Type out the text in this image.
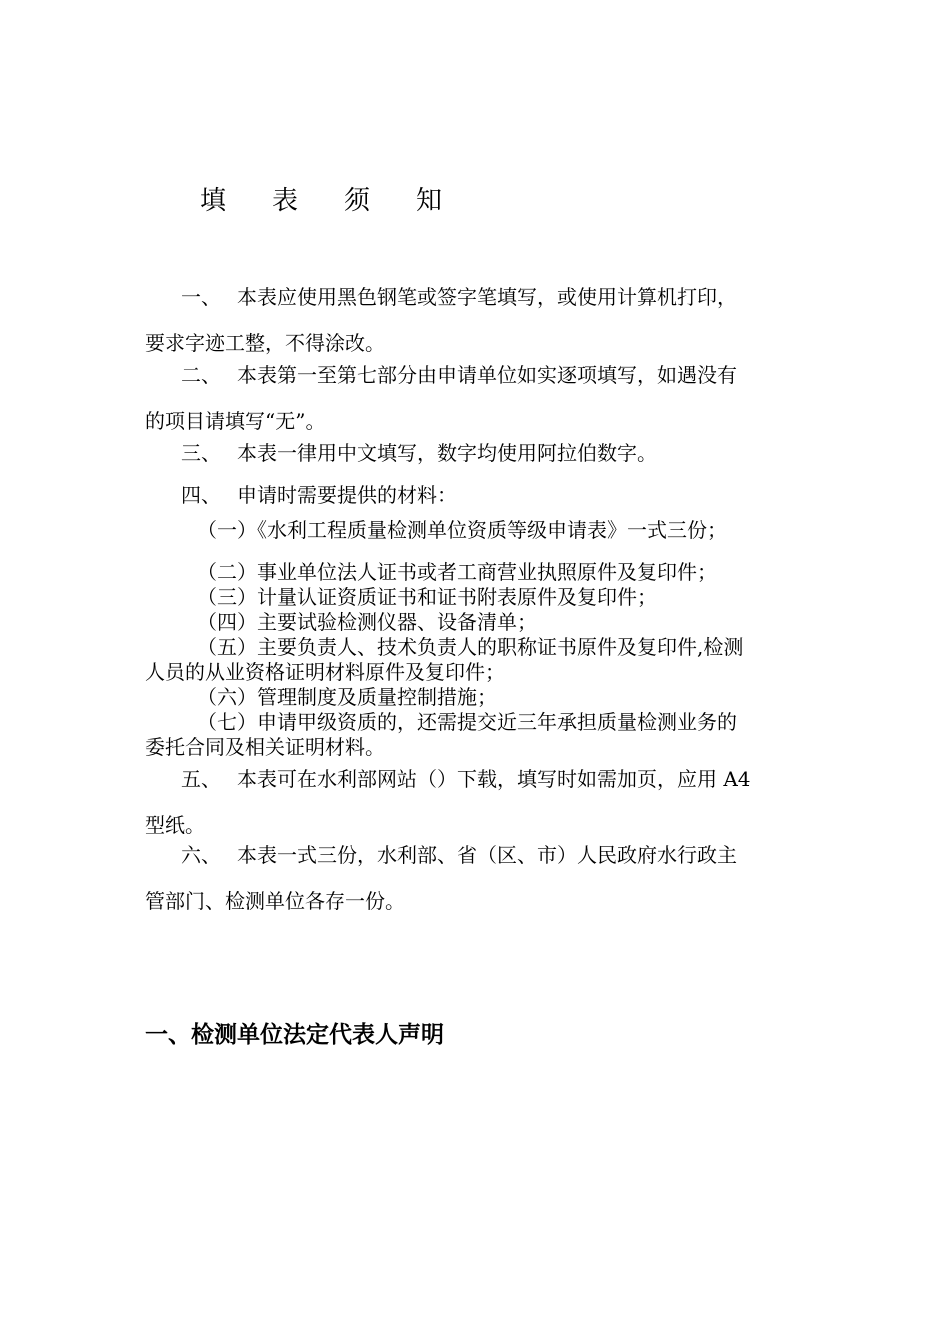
填 表 须 知
一、 本表应使用黑色钢笔或签字笔填写，或使用计算机打印，
要求字迹工整，不得涂改。
二、 本表第一至第七部分由申请单位如实逐项填写，如遇没有
的项目请填写“无”。
三、 本表一律用中文填写，数字均使用阿拉伯数字。
四、 申请时需要提供的材料：
（一）《水利工程质量检测单位资质等级申请表》一式三份；
（二）事业单位法人证书或者工商营业执照原件及复印件；
（三）计量认证资质证书和证书附表原件及复印件；
（四）主要试验检测仪器、设备清单；
（五）主要负责人、技术负责人的职称证书原件及复印件,检测
人员的从业资格证明材料原件及复印件；
（六）管理制度及质量控制措施；
（七）申请甲级资质的，还需提交近三年承担质量检测业务的
委托合同及相关证明材料。
五、 本表可在水利部网站（）下载，填写时如需加页，应用 A4
型纸。
六、 本表一式三份，水利部、省（区、市）人民政府水行政主
管部门、检测单位各存一份。
一、检测单位法定代表人声明
